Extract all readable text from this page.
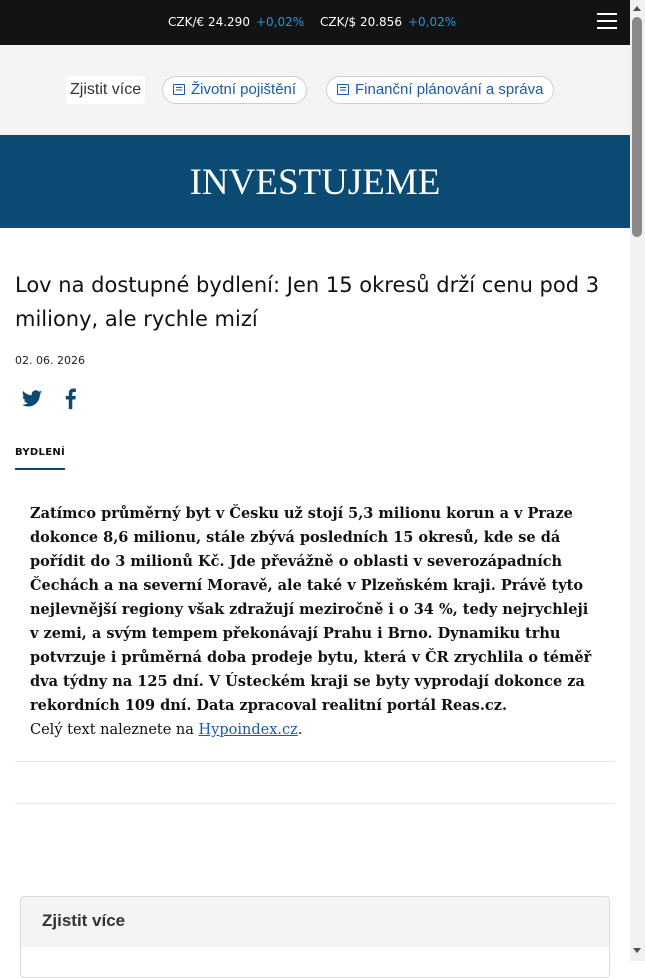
CZK/€ 24.290 +0,02% CZK/$ 20.856 +0,02%
Zjistit více	Životní pojištění	Finanční plánování a správa
INVESTUJEME
Lov na dostupné bydlení: Jen 15 okresů drží cenu pod 3 miliony, ale rychle mizí
02. 06. 2026
BYDLENÍ

Zatímco průměrný byt v Česku už stojí 5,3 milionu korun a v Praze dokonce 8,6 milionu, stále zbývá posledních 15 okresů, kde se dá pořídit do 3 milionů Kč. Jde převážně o oblasti v severozápadních Čechách a na severní Moravě, ale také v Plzeňském kraji. Právě tyto nejlevnější regiony však zdražují meziročně i o 34 %, tedy nejrychleji v zemi, a svým tempem překonávají Prahu i Brno. Dynamiku trhu potvrzuje i průměrná doba prodeje bytu, která v ČR zrychlila o téměř dva týdny na 125 dní. V Ústeckém kraji se byty vyprodají dokonce za rekordních 109 dní. Data zpracoval realitní portál Reas.cz.

Celý text naleznete na Hypoindex.cz.
Zjistit více
